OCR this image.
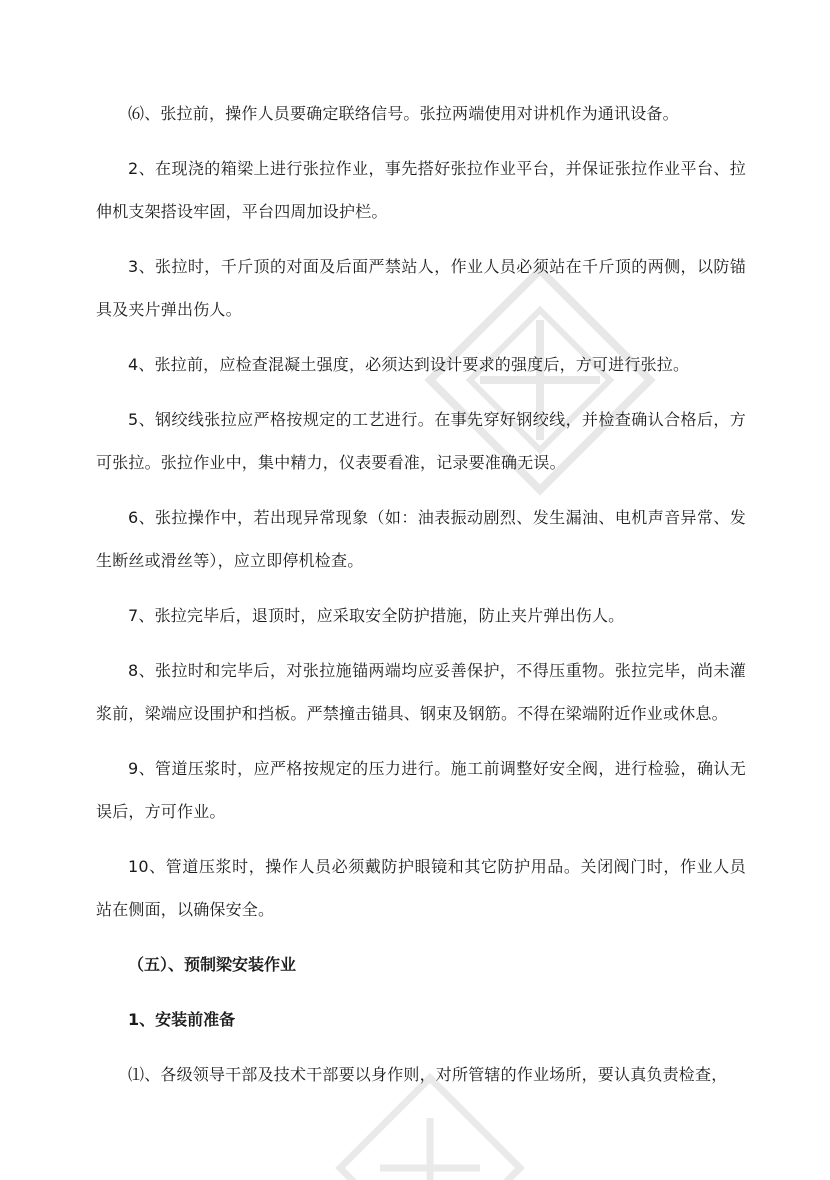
⑹、张拉前，操作人员要确定联络信号。张拉两端使用对讲机作为通讯设备。

2、在现浇的箱梁上进行张拉作业，事先搭好张拉作业平台，并保证张拉作业平台、拉伸机支架搭设牢固，平台四周加设护栏。

3、张拉时，千斤顶的对面及后面严禁站人，作业人员必须站在千斤顶的两侧，以防锚具及夹片弹出伤人。

4、张拉前，应检查混凝土强度，必须达到设计要求的强度后，方可进行张拉。

5、钢绞线张拉应严格按规定的工艺进行。在事先穿好钢绞线，并检查确认合格后，方可张拉。张拉作业中，集中精力，仪表要看准，记录要准确无误。

6、张拉操作中，若出现异常现象（如：油表振动剧烈、发生漏油、电机声音异常、发生断丝或滑丝等），应立即停机检查。

7、张拉完毕后，退顶时，应采取安全防护措施，防止夹片弹出伤人。

8、张拉时和完毕后，对张拉施锚两端均应妥善保护，不得压重物。张拉完毕，尚未灌浆前，梁端应设围护和挡板。严禁撞击锚具、钢束及钢筋。不得在梁端附近作业或休息。

9、管道压浆时，应严格按规定的压力进行。施工前调整好安全阀，进行检验，确认无误后，方可作业。

10、管道压浆时，操作人员必须戴防护眼镜和其它防护用品。关闭阀门时，作业人员站在侧面，以确保安全。

（五）、预制梁安装作业

1、安装前准备

⑴、各级领导干部及技术干部要以身作则，对所管辖的作业场所，要认真负责检查，
